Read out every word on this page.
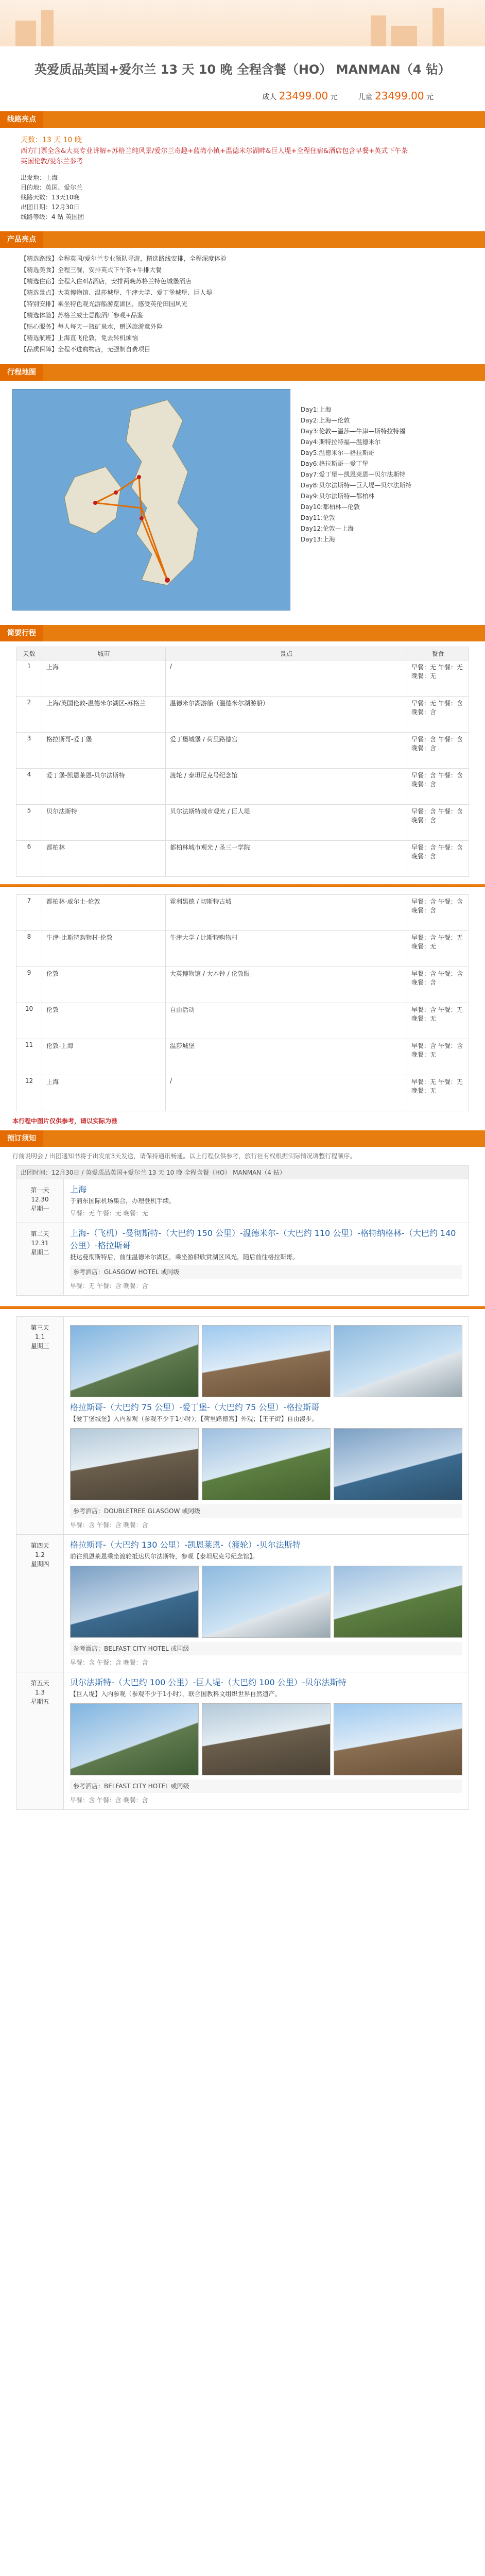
英爱质品英国+爱尔兰 13 天 10 晚 全程含餐（HO） MANMAN（4 钻）
成人 23499.00 元	儿童 23499.00 元
线路亮点
天数：13 天 10 晚
西方门票全含&大英专业讲解+苏格兰纯风景/爱尔兰奇趣+蓝湾小镇+温德米尔湖畔&巨人堤+全程住宿&酒店包含早餐+英式下午茶
英国伦敦/爱尔兰参考
出发地：上海
目的地：英国、爱尔兰
线路天数：13天10晚
出团日期：12月30日
线路等级：4 钻 英国团
产品亮点
【精选路线】全程英国/爱尔兰专业领队导游，精选路线安排，全程深度体验
【精选美食】全程三餐，安排英式下午茶+牛排大餐
【精选住宿】全程入住4钻酒店，安排两晚苏格兰特色城堡酒店
【精选景点】大英博物馆、温莎城堡、牛津大学、爱丁堡城堡、巨人堤
【特别安排】乘坐特色观光游船游览湖区，感受英伦田园风光
【精选体验】苏格兰威士忌酿酒厂参观+品鉴
【贴心服务】每人每天一瓶矿泉水，赠送旅游意外险
【精选航班】上海直飞伦敦，免去转机烦恼
【品质保障】全程不进购物店，无强制自费项目
行程地图
Day1:上海
Day2:上海—伦敦
Day3:伦敦—温莎—牛津—斯特拉特福
Day4:斯特拉特福—温德米尔
Day5:温德米尔—格拉斯哥
Day6:格拉斯哥—爱丁堡
Day7:爱丁堡—凯恩莱恩—贝尔法斯特
Day8:贝尔法斯特—巨人堤—贝尔法斯特
Day9:贝尔法斯特—都柏林
Day10:都柏林—伦敦
Day11:伦敦
Day12:伦敦—上海
Day13:上海
简要行程
天数	城市	景点	餐食
1	上海	/	早餐：无 午餐：无 晚餐：无
2	上海/英国伦敦-温德米尔湖区-苏格兰	温德米尔湖游船（温德米尔湖游船）	早餐：无 午餐：含 晚餐：含
3	格拉斯哥-爱丁堡	爱丁堡城堡 / 荷里路德宫	早餐：含 午餐：含 晚餐：含
4	爱丁堡-凯恩莱恩-贝尔法斯特	渡轮 / 泰坦尼克号纪念馆	早餐：含 午餐：含 晚餐：含
5	贝尔法斯特	贝尔法斯特城市观光 / 巨人堤	早餐：含 午餐：含 晚餐：含
6	都柏林	都柏林城市观光 / 圣三一学院	早餐：含 午餐：含 晚餐：含
7	都柏林-威尔士-伦敦	霍利黑德 / 切斯特古城	早餐：含 午餐：含 晚餐：含
8	牛津-比斯特购物村-伦敦	牛津大学 / 比斯特购物村	早餐：含 午餐：无 晚餐：无
9	伦敦	大英博物馆 / 大本钟 / 伦敦眼	早餐：含 午餐：含 晚餐：含
10	伦敦	自由活动	早餐：含 午餐：无 晚餐：无
11	伦敦-上海	温莎城堡	早餐：含 午餐：含 晚餐：无
12	上海	/	早餐：无 午餐：无 晚餐：无
本行程中图片仅供参考，请以实际为准
预订须知
行前说明会 / 出团通知书将于出发前3天发送，请保持通讯畅通。以上行程仅供参考，旅行社有权根据实际情况调整行程顺序。
出团时间：12月30日 / 英爱质品英国+爱尔兰 13 天 10 晚 全程含餐（HO） MANMAN（4 钻）
第一天
12.30
星期一
上海
于浦东国际机场集合，办理登机手续。
早餐：无 午餐：无 晚餐：无
第二天
12.31
星期二
上海-（飞机）-曼彻斯特-（大巴约 150 公里）-温德米尔-（大巴约 110 公里）-格特纳格林-（大巴约 140 公里）-格拉斯哥
抵达曼彻斯特后，前往温德米尔湖区，乘坐游船欣赏湖区风光，随后前往格拉斯哥。
参考酒店：GLASGOW HOTEL 或同级
早餐：无 午餐：含 晚餐：含
第三天
1.1
星期三
格拉斯哥-（大巴约 75 公里）-爱丁堡-（大巴约 75 公里）-格拉斯哥
【爱丁堡城堡】入内参观（参观不少于1小时）；【荷里路德宫】外观；【王子街】自由漫步。
参考酒店：DOUBLETREE GLASGOW 或同级
早餐：含 午餐：含 晚餐：含
第四天
1.2
星期四
格拉斯哥-（大巴约 130 公里）-凯恩莱恩-（渡轮）-贝尔法斯特
前往凯恩莱恩乘坐渡轮抵达贝尔法斯特，参观【泰坦尼克号纪念馆】。
参考酒店：BELFAST CITY HOTEL 或同级
早餐：含 午餐：含 晚餐：含
第五天
1.3
星期五
贝尔法斯特-（大巴约 100 公里）-巨人堤-（大巴约 100 公里）-贝尔法斯特
【巨人堤】入内参观（参观不少于1小时），联合国教科文组织世界自然遗产。
参考酒店：BELFAST CITY HOTEL 或同级
早餐：含 午餐：含 晚餐：含
